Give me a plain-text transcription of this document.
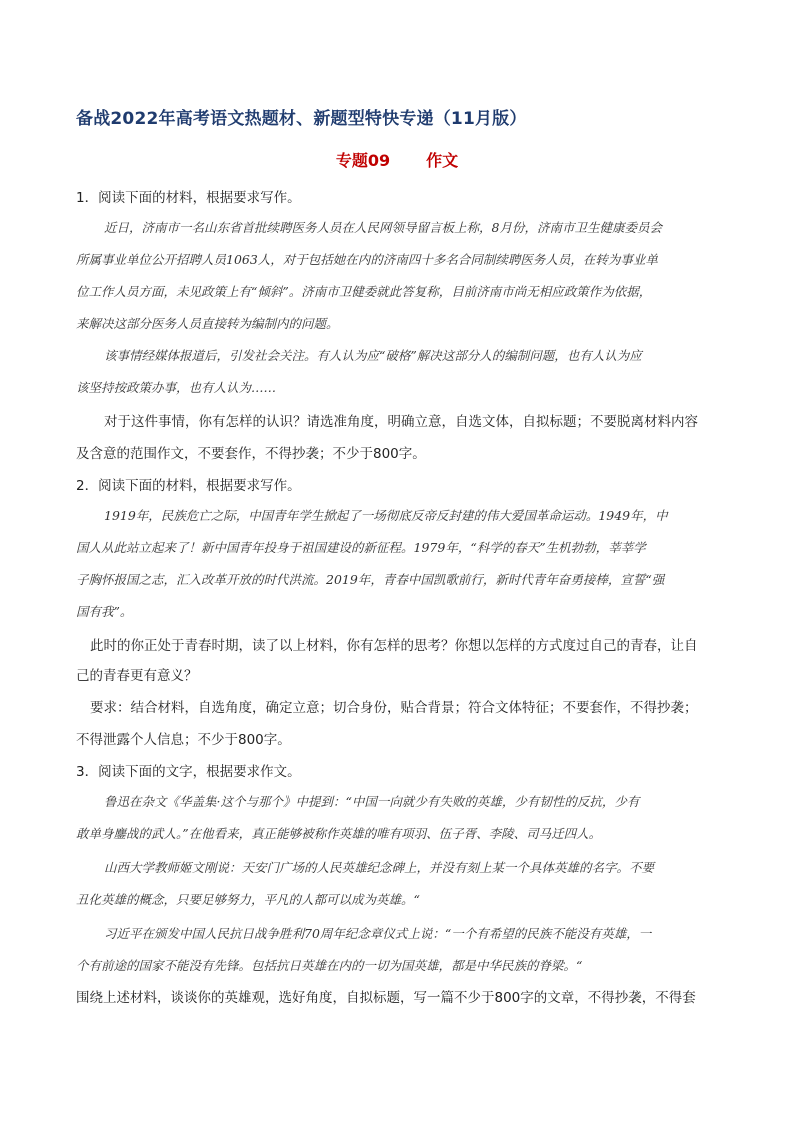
备战2022年高考语文热题材、新题型特快专递（11月版）
专题09 作文
1．阅读下面的材料，根据要求写作。
近日，济南市一名山东省首批续聘医务人员在人民网领导留言板上称，8月份，济南市卫生健康委员会
所属事业单位公开招聘人员1063人，对于包括她在内的济南四十多名合同制续聘医务人员，在转为事业单
位工作人员方面，未见政策上有“倾斜”。济南市卫健委就此答复称，目前济南市尚无相应政策作为依据，
来解决这部分医务人员直接转为编制内的问题。
该事情经媒体报道后，引发社会关注。有人认为应“破格”解决这部分人的编制问题，也有人认为应
该坚持按政策办事，也有人认为……
对于这件事情，你有怎样的认识？请选准角度，明确立意，自选文体，自拟标题；不要脱离材料内容
及含意的范围作文，不要套作，不得抄袭；不少于800字。
2．阅读下面的材料，根据要求写作。
1919年，民族危亡之际，中国青年学生掀起了一场彻底反帝反封建的伟大爱国革命运动。1949年，中
国人从此站立起来了！新中国青年投身于祖国建设的新征程。1979年，“科学的春天”生机勃勃，莘莘学
子胸怀报国之志，汇入改革开放的时代洪流。2019年，青春中国凯歌前行，新时代青年奋勇接棒，宣誓“强
国有我”。
此时的你正处于青春时期，读了以上材料，你有怎样的思考？你想以怎样的方式度过自己的青春，让自
己的青春更有意义？
要求：结合材料，自选角度，确定立意；切合身份，贴合背景；符合文体特征；不要套作，不得抄袭；
不得泄露个人信息；不少于800字。
3．阅读下面的文字，根据要求作文。
鲁迅在杂文《华盖集·这个与那个》中提到：“中国一向就少有失败的英雄，少有韧性的反抗，少有
敢单身鏖战的武人。”在他看来，真正能够被称作英雄的唯有项羽、伍子胥、李陵、司马迁四人。
山西大学教师姬文刚说：天安门广场的人民英雄纪念碑上，并没有刻上某一个具体英雄的名字。不要
丑化英雄的概念，只要足够努力，平凡的人都可以成为英雄。“
习近平在颁发中国人民抗日战争胜利70周年纪念章仪式上说：“一个有希望的民族不能没有英雄，一
个有前途的国家不能没有先锋。包括抗日英雄在内的一切为国英雄，都是中华民族的脊梁。“
围绕上述材料，谈谈你的英雄观，选好角度，自拟标题，写一篇不少于800字的文章，不得抄袭，不得套
